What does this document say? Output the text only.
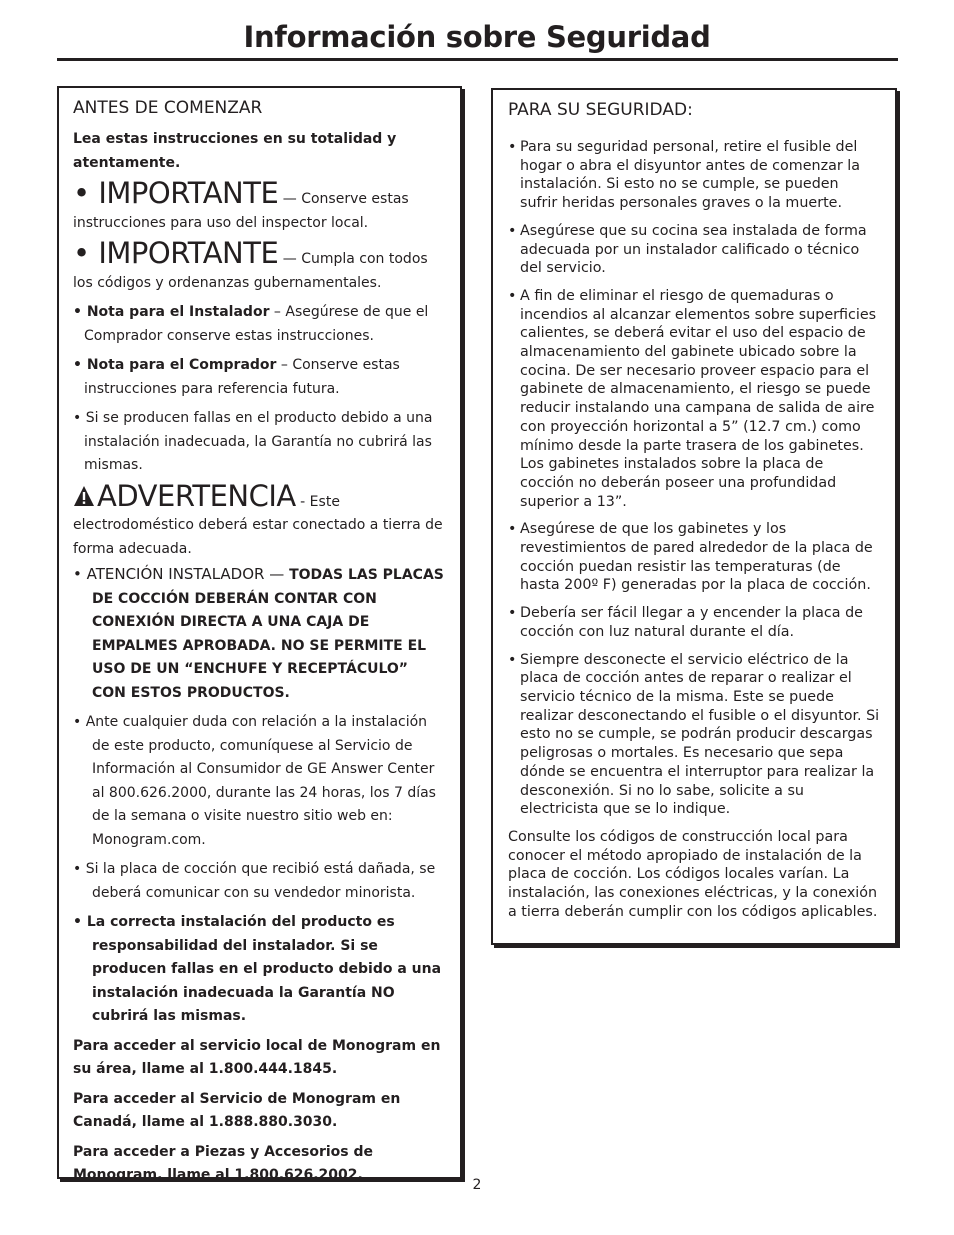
Información sobre Seguridad
ANTES DE COMENZAR

Lea estas instrucciones en su totalidad y atentamente.

• IMPORTANTE — Conserve estas instrucciones para uso del inspector local.

• IMPORTANTE — Cumpla con todos los códigos y ordenanzas gubernamentales.

• Nota para el Instalador – Asegúrese de que el Comprador conserve estas instrucciones.

• Nota para el Comprador – Conserve estas instrucciones para referencia futura.

• Si se producen fallas en el producto debido a una instalación inadecuada, la Garantía no cubrirá las mismas.

ADVERTENCIA - Este electrodoméstico deberá estar conectado a tierra de forma adecuada.

• ATENCIÓN INSTALADOR — TODAS LAS PLACAS DE COCCIÓN DEBERÁN CONTAR CON CONEXIÓN DIRECTA A UNA CAJA DE EMPALMES APROBADA. NO SE PERMITE EL USO DE UN “ENCHUFE Y RECEPTÁCULO” CON ESTOS PRODUCTOS.

• Ante cualquier duda con relación a la instalación de este producto, comuníquese al Servicio de Información al Consumidor de GE Answer Center al 800.626.2000, durante las 24 horas, los 7 días de la semana o visite nuestro sitio web en: Monogram.com.

• Si la placa de cocción que recibió está dañada, se deberá comunicar con su vendedor minorista.

• La correcta instalación del producto es responsabilidad del instalador. Si se producen fallas en el producto debido a una instalación inadecuada la Garantía NO cubrirá las mismas.

Para acceder al servicio local de Monogram en su área, llame al 1.800.444.1845.

Para acceder al Servicio de Monogram en Canadá, llame al 1.888.880.3030.

Para acceder a Piezas y Accesorios de Monogram, llame al 1.800.626.2002.

PARA SU SEGURIDAD:
• Para su seguridad personal, retire el fusible del hogar o abra el disyuntor antes de comenzar la instalación. Si esto no se cumple, se pueden sufrir heridas personales graves o la muerte.
• Asegúrese que su cocina sea instalada de forma adecuada por un instalador calificado o técnico del servicio.
• A fin de eliminar el riesgo de quemaduras o incendios al alcanzar elementos sobre superficies calientes, se deberá evitar el uso del espacio de almacenamiento del gabinete ubicado sobre la cocina. De ser necesario proveer espacio para el gabinete de almacenamiento, el riesgo se puede reducir instalando una campana de salida de aire con proyección horizontal a 5” (12.7 cm.) como mínimo desde la parte trasera de los gabinetes. Los gabinetes instalados sobre la placa de cocción no deberán poseer una profundidad superior a 13”.
• Asegúrese de que los gabinetes y los revestimientos de pared alrededor de la placa de cocción puedan resistir las temperaturas (de hasta 200º F) generadas por la placa de cocción.
• Debería ser fácil llegar a y encender la placa de cocción con luz natural durante el día.
• Siempre desconecte el servicio eléctrico de la placa de cocción antes de reparar o realizar el servicio técnico de la misma. Este se puede realizar desconectando el fusible o el disyuntor. Si esto no se cumple, se podrán producir descargas peligrosas o mortales. Es necesario que sepa dónde se encuentra el interruptor para realizar la desconexión. Si no lo sabe, solicite a su electricista que se lo indique.

Consulte los códigos de construcción local para conocer el método apropiado de instalación de la placa de cocción. Los códigos locales varían. La instalación, las conexiones eléctricas, y la conexión a tierra deberán cumplir con los códigos aplicables.

2
